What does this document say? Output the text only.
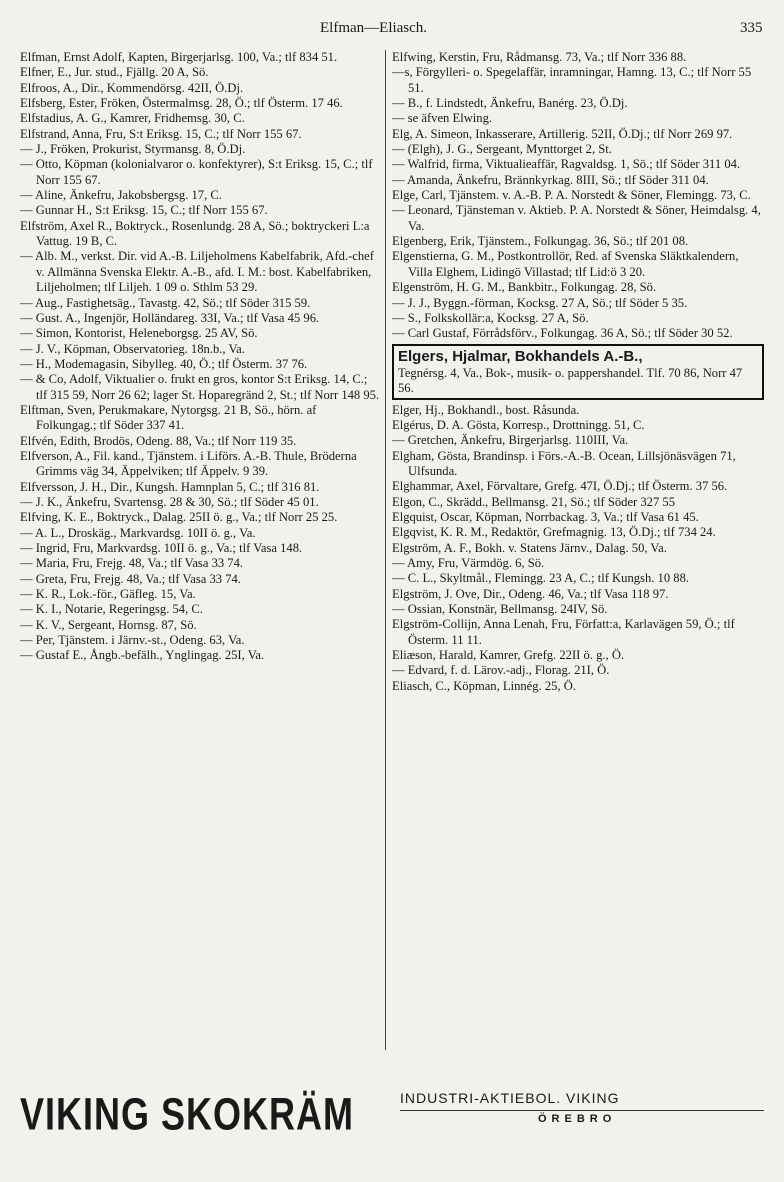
Elfman—Eliasch.	335
Elfman, Ernst Adolf, Kapten, Birgerjarlsg. 100, Va.; tlf 834 51.
Elfner, E., Jur. stud., Fjällg. 20 A, Sö.
Elfroos, A., Dir., Kommendörsg. 42II, Ö.Dj.
Elfsberg, Ester, Fröken, Östermalmsg. 28, Ö.; tlf Österm. 17 46.
Elfstadius, A. G., Kamrer, Fridhemsg. 30, C.
Elfstrand, Anna, Fru, S:t Eriksg. 15, C.; tlf Norr 155 67.
— J., Fröken, Prokurist, Styrmansg. 8, Ö.Dj.
— Otto, Köpman (kolonialvaror o. konfektyrer), S:t Eriksg. 15, C.; tlf Norr 155 67.
— Aline, Änkefru, Jakobsbergsg. 17, C.
— Gunnar H., S:t Eriksg. 15, C.; tlf Norr 155 67.
Elfström, Axel R., Boktryck., Rosenlundg. 28 A, Sö.; boktryckeri L:a Vattug. 19 B, C.
— Alb. M., verkst. Dir. vid A.-B. Liljeholmens Kabelfabrik, Afd.-chef v. Allmänna Svenska Elektr. A.-B., afd. I. M.: bost. Kabelfabriken, Liljeholmen; tlf Liljeh. 1 09 o. Sthlm 53 29.
— Aug., Fastighetsäg., Tavastg. 42, Sö.; tlf Söder 315 59.
— Gust. A., Ingenjör, Holländareg. 33I, Va.; tlf Vasa 45 96.
— Simon, Kontorist, Heleneborgsg. 25 AV, Sö.
— J. V., Köpman, Observatorieg. 18n.b., Va.
— H., Modemagasin, Sibylleg. 40, Ö.; tlf Österm. 37 76.
— & Co, Adolf, Viktualier o. frukt en gros, kontor S:t Eriksg. 14, C.; tlf 315 59, Norr 26 62; lager St. Hoparegränd 2, St.; tlf Norr 148 95.
Elftman, Sven, Perukmakare, Nytorgsg. 21 B, Sö., hörn. af Folkungag.; tlf Söder 337 41.
Elfvén, Edith, Brodös, Odeng. 88, Va.; tlf Norr 119 35.
Elfverson, A., Fil. kand., Tjänstem. i Liförs. A.-B. Thule, Bröderna Grimms väg 34, Äppelviken; tlf Äppelv. 9 39.
Elfversson, J. H., Dir., Kungsh. Hamnplan 5, C.; tlf 316 81.
— J. K., Änkefru, Svartensg. 28 & 30, Sö.; tlf Söder 45 01.
Elfving, K. E., Boktryck., Dalag. 25II ö. g., Va.; tlf Norr 25 25.
— A. L., Droskäg., Markvardsg. 10II ö. g., Va.
— Ingrid, Fru, Markvardsg. 10II ö. g., Va.; tlf Vasa 148.
— Maria, Fru, Frejg. 48, Va.; tlf Vasa 33 74.
— Greta, Fru, Frejg. 48, Va.; tlf Vasa 33 74.
— K. R., Lok.-för., Gäfleg. 15, Va.
— K. I., Notarie, Regeringsg. 54, C.
— K. V., Sergeant, Hornsg. 87, Sö.
— Per, Tjänstem. i Järnv.-st., Odeng. 63, Va.
— Gustaf E., Ångb.-befälh., Ynglingag. 25I, Va.
Elfwing, Kerstin, Fru, Rådmansg. 73, Va.; tlf Norr 336 88.
—s, Förgylleri- o. Spegelaffär, inramningar, Hamng. 13, C.; tlf Norr 55 51.
— B., f. Lindstedt, Änkefru, Banérg. 23, Ö.Dj.
— se äfven Elwing.
Elg, A. Simeon, Inkasserare, Artillerig. 52II, Ö.Dj.; tlf Norr 269 97.
— (Elgh), J. G., Sergeant, Mynttorget 2, St.
— Walfrid, firma, Viktualieaffär, Ragvaldsg. 1, Sö.; tlf Söder 311 04.
— Amanda, Änkefru, Brännkyrkag. 8III, Sö.; tlf Söder 311 04.
Elge, Carl, Tjänstem. v. A.-B. P. A. Norstedt & Söner, Flemingg. 73, C.
— Leonard, Tjänsteman v. Aktieb. P. A. Norstedt & Söner, Heimdalsg. 4, Va.
Elgenberg, Erik, Tjänstem., Folkungag. 36, Sö.; tlf 201 08.
Elgenstierna, G. M., Postkontrollör, Red. af Svenska Släktkalendern, Villa Elghem, Lidingö Villastad; tlf Lid:ö 3 20.
Elgenström, H. G. M., Bankbitr., Folkungag. 28, Sö.
— J. J., Byggn.-förman, Kocksg. 27 A, Sö.; tlf Söder 5 35.
— S., Folkskollär:a, Kocksg. 27 A, Sö.
— Carl Gustaf, Förrådsförv., Folkungag. 36 A, Sö.; tlf Söder 30 52.
Elgers, Hjalmar, Bokhandels A.-B.,
Tegnérsg. 4, Va., Bok-, musik- o. pappershandel. Tlf. 70 86, Norr 47 56.
Elger, Hj., Bokhandl., bost. Råsunda.
Elgérus, D. A. Gösta, Korresp., Drottningg. 51, C.
— Gretchen, Änkefru, Birgerjarlsg. 110III, Va.
Elgham, Gösta, Brandinsp. i Förs.-A.-B. Ocean, Lillsjönäsvägen 71, Ulfsunda.
Elghammar, Axel, Förvaltare, Grefg. 47I, Ö.Dj.; tlf Österm. 37 56.
Elgon, C., Skrädd., Bellmansg. 21, Sö.; tlf Söder 327 55
Elgquist, Oscar, Köpman, Norrbackag. 3, Va.; tlf Vasa 61 45.
Elgqvist, K. R. M., Redaktör, Grefmagnig. 13, Ö.Dj.; tlf 734 24.
Elgström, A. F., Bokh. v. Statens Järnv., Dalag. 50, Va.
— Amy, Fru, Värmdög. 6, Sö.
— C. L., Skyltmål., Flemingg. 23 A, C.; tlf Kungsh. 10 88.
Elgström, J. Ove, Dir., Odeng. 46, Va.; tlf Vasa 118 97.
— Ossian, Konstnär, Bellmansg. 24IV, Sö.
Elgström-Collijn, Anna Lenah, Fru, Författ:a, Karlavägen 59, Ö.; tlf Österm. 11 11.
Eliæson, Harald, Kamrer, Grefg. 22II ö. g., Ö.
— Edvard, f. d. Lärov.-adj., Florag. 21I, Ö.
Eliasch, C., Köpman, Linnég. 25, Ö.
VIKING SKOKRÄM	INDUSTRI-AKTIEBOL. VIKING
ÖREBRO
